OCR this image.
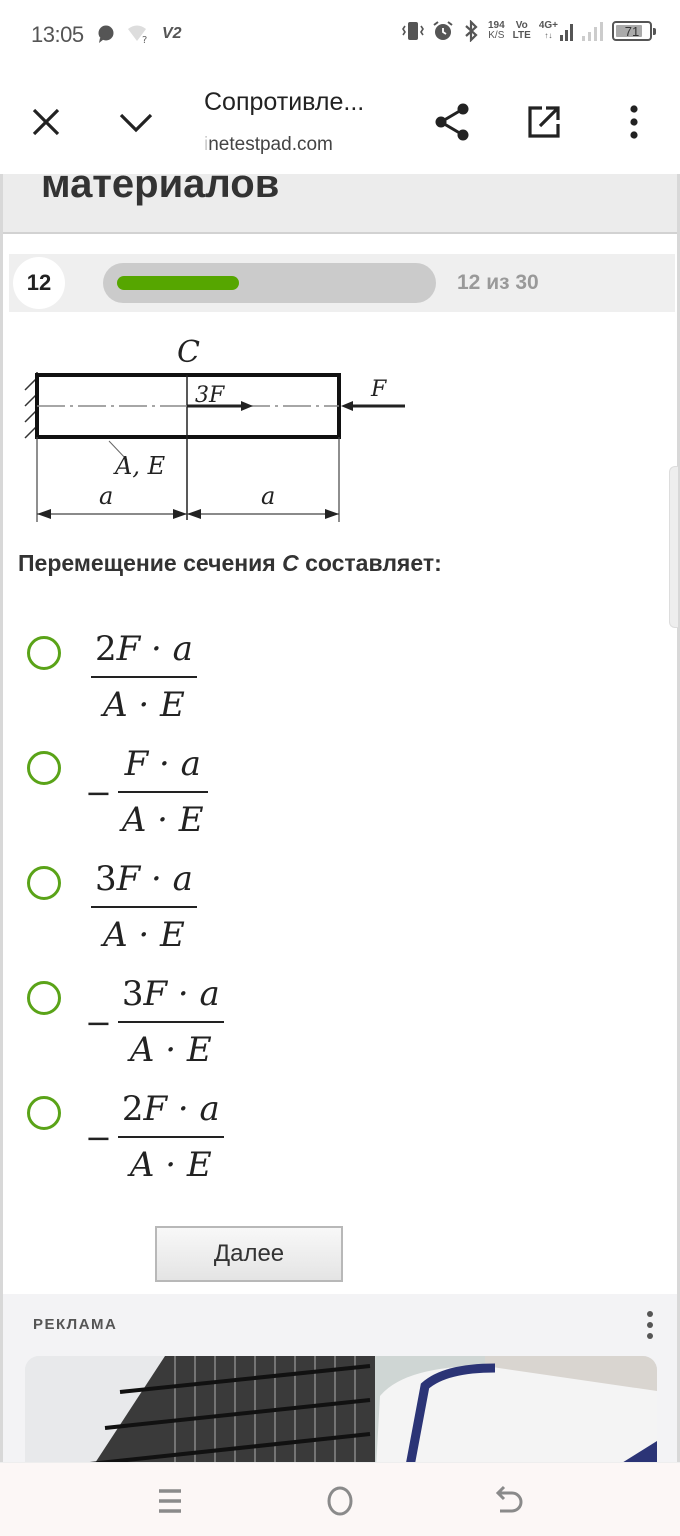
13:05	? V2	194
K/S
Vo
LTE
4G+
↑↓	71
Сопротивле...
inetestpad.com
материалов
12	12 из 30
C
3F	F
A, E
a	a
Перемещение сечения C составляет:
$\frac{2F \cdot a}{A \cdot E}$
− $\frac{F \cdot a}{A \cdot E}$
$\frac{3F \cdot a}{A \cdot E}$
− $\frac{3F \cdot a}{A \cdot E}$
− $\frac{2F \cdot a}{A \cdot E}$
Далее
РЕКЛАМА
